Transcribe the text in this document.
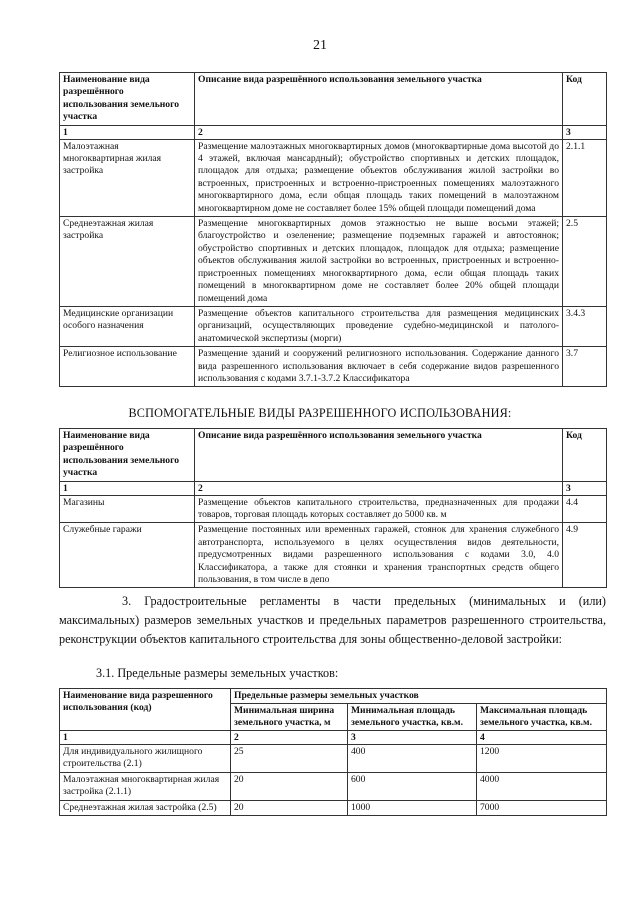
21
Наименование вида разрешённого использования земельного участка	Описание вида разрешённого использования земельного участка	Код
1	2	3
Малоэтажная многоквартирная жилая застройка	Размещение малоэтажных многоквартирных домов (многоквартирные дома высотой до 4 этажей, включая мансардный); обустройство спортивных и детских площадок, площадок для отдыха; размещение объектов обслуживания жилой застройки во встроенных, пристроенных и встроенно-пристроенных помещениях малоэтажного многоквартирного дома, если общая площадь таких помещений в малоэтажном многоквартирном доме не составляет более 15% общей площади помещений дома	2.1.1
Среднеэтажная жилая застройка	Размещение многоквартирных домов этажностью не выше восьми этажей; благоустройство и озеленение; размещение подземных гаражей и автостоянок; обустройство спортивных и детских площадок, площадок для отдыха; размещение объектов обслуживания жилой застройки во встроенных, пристроенных и встроенно-пристроенных помещениях многоквартирного дома, если общая площадь таких помещений в многоквартирном доме не составляет более 20% общей площади помещений дома	2.5
Медицинские организации особого назначения	Размещение объектов капитального строительства для размещения медицинских организаций, осуществляющих проведение судебно-медицинской и патолого-анатомической экспертизы (морги)	3.4.3
Религиозное использование	Размещение зданий и сооружений религиозного использования. Содержание данного вида разрешенного использования включает в себя содержание видов разрешенного использования с кодами 3.7.1-3.7.2 Классификатора	3.7
ВСПОМОГАТЕЛЬНЫЕ ВИДЫ РАЗРЕШЕННОГО ИСПОЛЬЗОВАНИЯ:
Наименование вида разрешённого использования земельного участка	Описание вида разрешённого использования земельного участка	Код
1	2	3
Магазины	Размещение объектов капитального строительства, предназначенных для продажи товаров, торговая площадь которых составляет до 5000 кв. м	4.4
Служебные гаражи	Размещение постоянных или временных гаражей, стоянок для хранения служебного автотранспорта, используемого в целях осуществления видов деятельности, предусмотренных видами разрешенного использования с кодами 3.0, 4.0 Классификатора, а также для стоянки и хранения транспортных средств общего пользования, в том числе в депо	4.9
3. Градостроительные регламенты в части предельных (минимальных и (или) максимальных) размеров земельных участков и предельных параметров разрешенного строительства, реконструкции объектов капитального строительства для зоны общественно-деловой застройки:
3.1. Предельные размеры земельных участков:
Наименование вида разрешенного использования (код)	Предельные размеры земельных участков		
	Минимальная ширина земельного участка, м	Минимальная площадь земельного участка, кв.м.	Максимальная площадь земельного участка, кв.м.
1	2	3	4
Для индивидуального жилищного строительства (2.1)	25	400	1200
Малоэтажная многоквартирная жилая застройка (2.1.1)	20	600	4000
Среднеэтажная жилая застройка (2.5)	20	1000	7000
